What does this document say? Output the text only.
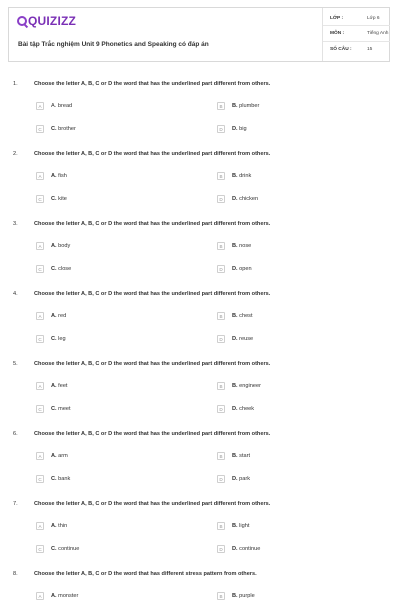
QUIZIZZ
Bài tập Trắc nghiệm Unit 9 Phonetics and Speaking có đáp án
LỚP :	Lớp 6
MÔN :	Tiếng Anh
SỐ CÂU :	15
1.	Choose the letter A, B, C or D the word that has the underlined part different from others.
A	A. bread	B	B. plumber
C	C. brother	D	D. big
2.	Choose the letter A, B, C or D the word that has the underlined part different from others.
A	A. fish	B	B. drink
C	C. kite	D	D. chicken
3.	Choose the letter A, B, C or D the word that has the underlined part different from others.
A	A. body	B	B. nose
C	C. close	D	D. open
4.	Choose the letter A, B, C or D the word that has the underlined part different from others.
A	A. red	B	B. chest
C	C. leg	D	D. reuse
5.	Choose the letter A, B, C or D the word that has the underlined part different from others.
A	A. feet	B	B. engineer
C	C. meet	D	D. cheek
6.	Choose the letter A, B, C or D the word that has the underlined part different from others.
A	A. arm	B	B. start
C	C. bank	D	D. park
7.	Choose the letter A, B, C or D the word that has the underlined part different from others.
A	A. thin	B	B. light
C	C. continue	D	D. continue
8.	Choose the letter A, B, C or D the word that has different stress pattern from others.
A	A. monster	B	B. purple
